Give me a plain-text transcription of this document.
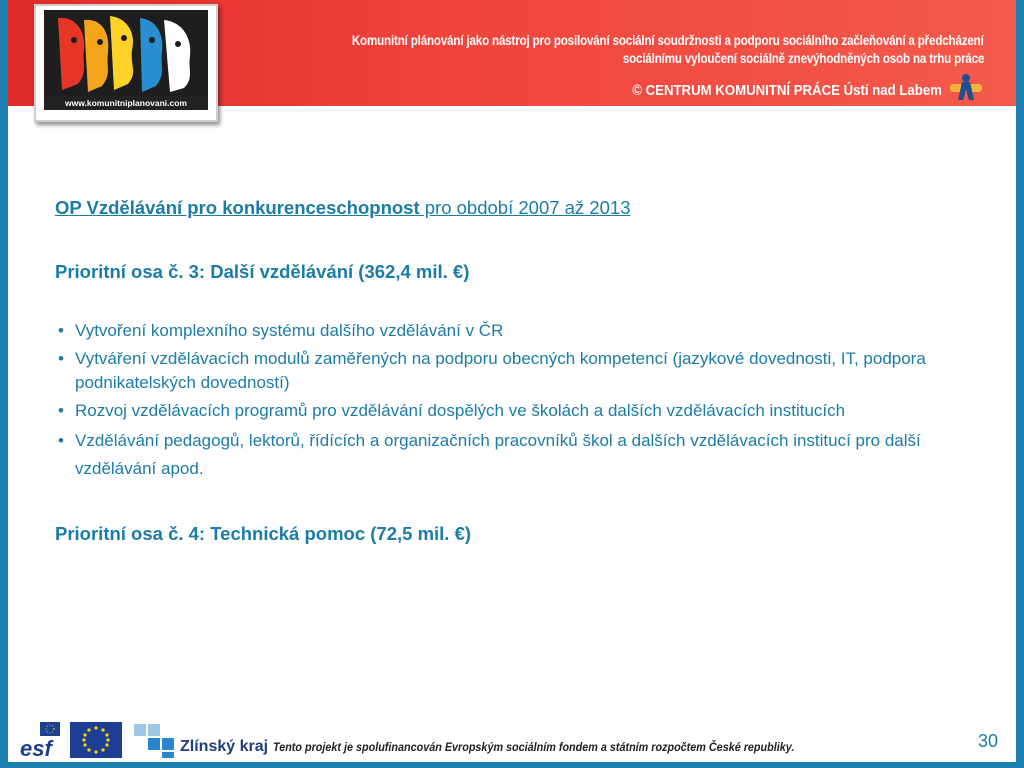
Komunitní plánování jako nástroj pro posilování sociální soudržnosti a podporu sociálního začleňování a předcházení
sociálnímu vyloučení sociálně znevýhodněných osob na trhu práce
© CENTRUM KOMUNITNÍ PRÁCE Ústí nad Labem
www.komunitniplanovani.com

OP Vzdělávání pro konkurenceschopnost pro období 2007 až 2013

Prioritní osa č. 3: Další vzdělávání (362,4 mil. €)

• Vytvoření komplexního systému dalšího vzdělávání v ČR
• Vytváření vzdělávacích modulů zaměřených na podporu obecných kompetencí (jazykové dovednosti, IT, podpora podnikatelských dovedností)
• Rozvoj vzdělávacích programů pro vzdělávání dospělých ve školách a dalších vzdělávacích institucích
• Vzdělávání pedagogů, lektorů, řídících a organizačních pracovníků škol a dalších vzdělávacích institucí pro další vzdělávání apod.

Prioritní osa č. 4: Technická pomoc (72,5 mil. €)

esf	Zlínský kraj Tento projekt je spolufinancován Evropským sociálním fondem a státním rozpočtem České republiky.	30
